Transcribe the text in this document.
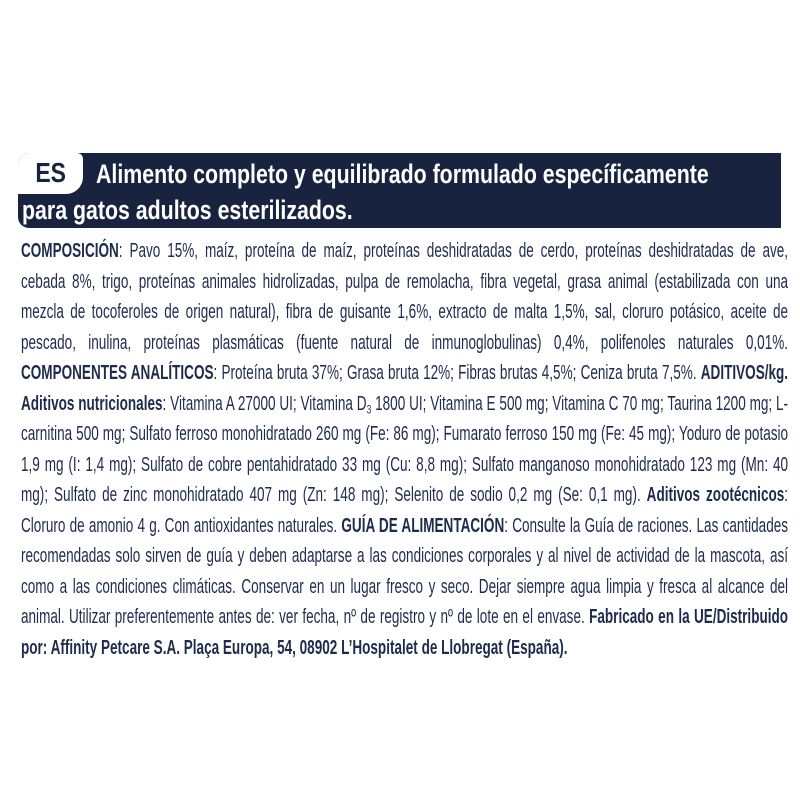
ES Alimento completo y equilibrado formulado específicamente
para gatos adultos esterilizados.
COMPOSICIÓN: Pavo 15%, maíz, proteína de maíz, proteínas deshidratadas de cerdo, proteínas deshidratadas de ave, cebada 8%, trigo, proteínas animales hidrolizadas, pulpa de remolacha, fibra vegetal, grasa animal (estabilizada con una mezcla de tocoferoles de origen natural), fibra de guisante 1,6%, extracto de malta 1,5%, sal, cloruro potásico, aceite de pescado, inulina, proteínas plasmáticas (fuente natural de inmunoglobulinas) 0,4%, polifenoles naturales 0,01%. COMPONENTES ANALÍTICOS: Proteína bruta 37%; Grasa bruta 12%; Fibras brutas 4,5%; Ceniza bruta 7,5%. ADITIVOS/kg. Aditivos nutricionales: Vitamina A 27000 UI; Vitamina $D_3$ 1800 UI; Vitamina E 500 mg; Vitamina C 70 mg; Taurina 1200 mg; L-carnitina 500 mg; Sulfato ferroso monohidratado 260 mg (Fe: 86 mg); Fumarato ferroso 150 mg (Fe: 45 mg); Yoduro de potasio 1,9 mg (I: 1,4 mg); Sulfato de cobre pentahidratado 33 mg (Cu: 8,8 mg); Sulfato manganoso monohidratado 123 mg (Mn: 40 mg); Sulfato de zinc monohidratado 407 mg (Zn: 148 mg); Selenito de sodio 0,2 mg (Se: 0,1 mg). Aditivos zootécnicos: Cloruro de amonio 4 g. Con antioxidantes naturales. GUÍA DE ALIMENTACIÓN: Consulte la Guía de raciones. Las cantidades recomendadas solo sirven de guía y deben adaptarse a las condiciones corporales y al nivel de actividad de la mascota, así como a las condiciones climáticas. Conservar en un lugar fresco y seco. Dejar siempre agua limpia y fresca al alcance del animal. Utilizar preferentemente antes de: ver fecha, nº de registro y nº de lote en el envase. Fabricado en la UE/Distribuido por: Affinity Petcare S.A. Plaça Europa, 54, 08902 L’Hospitalet de Llobregat (España).
